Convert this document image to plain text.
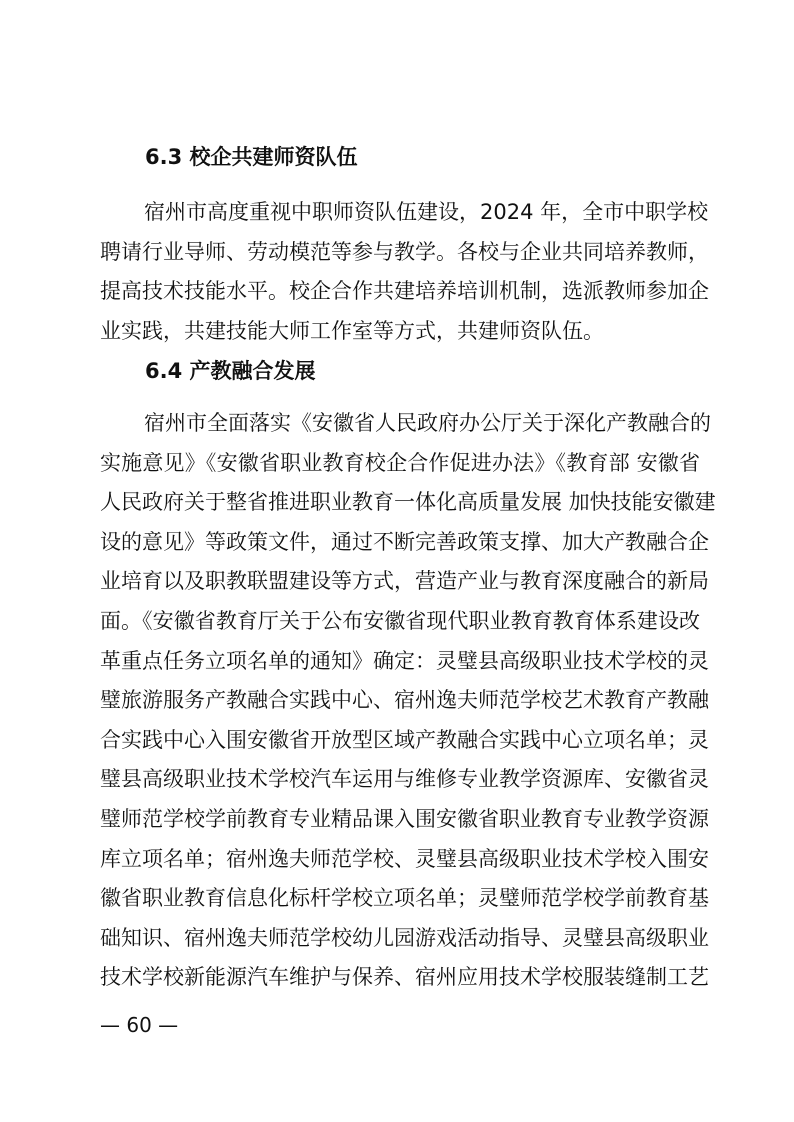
6.3 校企共建师资队伍
宿州市高度重视中职师资队伍建设，2024 年，全市中职学校
聘请行业导师、劳动模范等参与教学。各校与企业共同培养教师，
提高技术技能水平。校企合作共建培养培训机制，选派教师参加企
业实践，共建技能大师工作室等方式，共建师资队伍。
6.4 产教融合发展
宿州市全面落实《安徽省人民政府办公厅关于深化产教融合的
实施意见》《安徽省职业教育校企合作促进办法》《教育部 安徽省
人民政府关于整省推进职业教育一体化高质量发展 加快技能安徽建
设的意见》等政策文件，通过不断完善政策支撑、加大产教融合企
业培育以及职教联盟建设等方式，营造产业与教育深度融合的新局
面。《安徽省教育厅关于公布安徽省现代职业教育教育体系建设改
革重点任务立项名单的通知》确定：灵璧县高级职业技术学校的灵
璧旅游服务产教融合实践中心、宿州逸夫师范学校艺术教育产教融
合实践中心入围安徽省开放型区域产教融合实践中心立项名单；灵
璧县高级职业技术学校汽车运用与维修专业教学资源库、安徽省灵
璧师范学校学前教育专业精品课入围安徽省职业教育专业教学资源
库立项名单；宿州逸夫师范学校、灵璧县高级职业技术学校入围安
徽省职业教育信息化标杆学校立项名单；灵璧师范学校学前教育基
础知识、宿州逸夫师范学校幼儿园游戏活动指导、灵璧县高级职业
技术学校新能源汽车维护与保养、宿州应用技术学校服装缝制工艺
— 60 —
